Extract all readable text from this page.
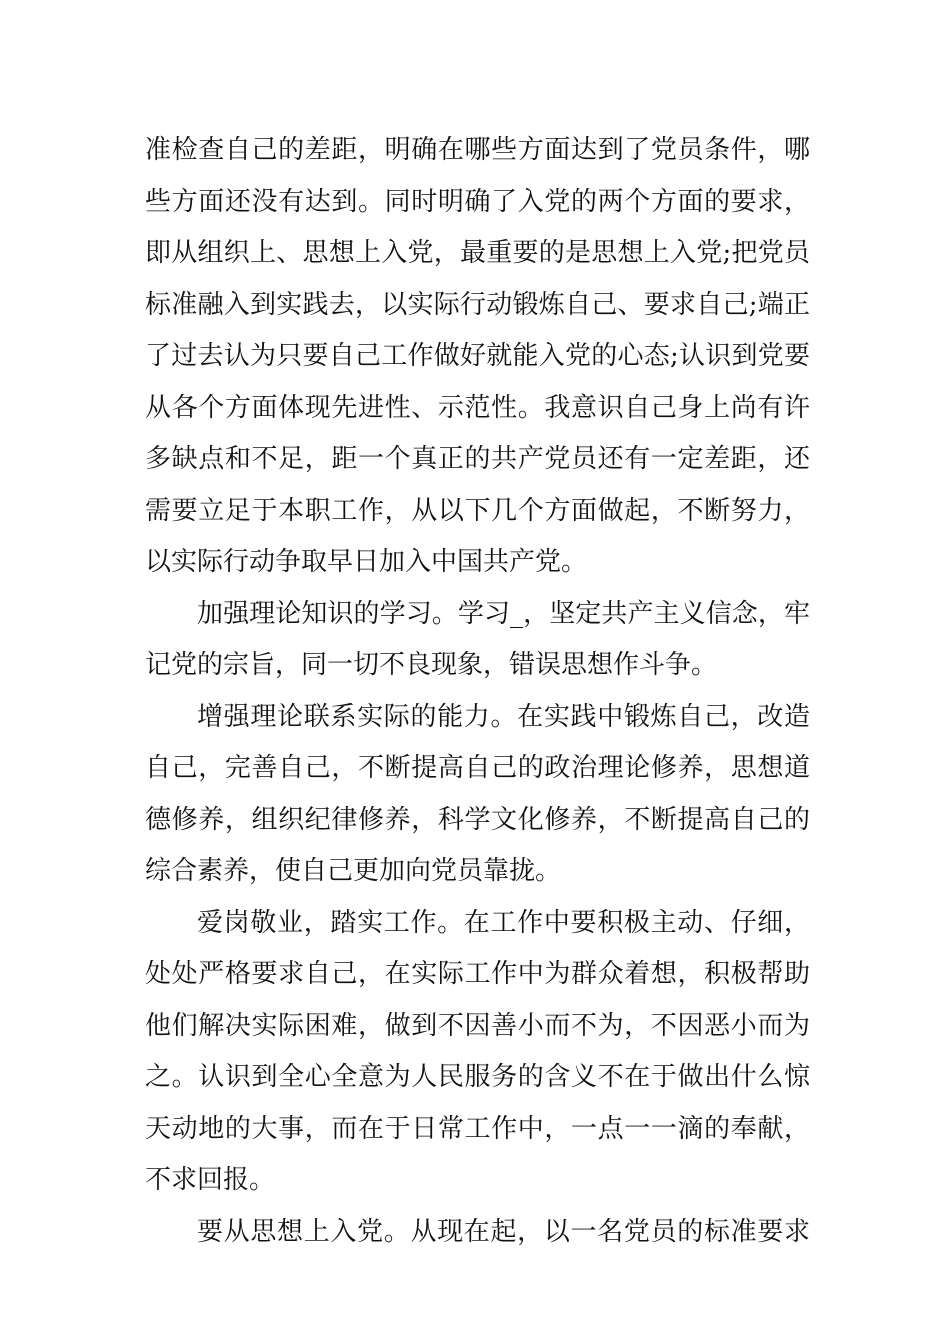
准检查自己的差距，明确在哪些方面达到了党员条件，哪
些方面还没有达到。同时明确了入党的两个方面的要求，
即从组织上、思想上入党，最重要的是思想上入党;把党员
标准融入到实践去，以实际行动锻炼自己、要求自己;端正
了过去认为只要自己工作做好就能入党的心态;认识到党要
从各个方面体现先进性、示范性。我意识自己身上尚有许
多缺点和不足，距一个真正的共产党员还有一定差距，还
需要立足于本职工作，从以下几个方面做起，不断努力，
以实际行动争取早日加入中国共产党。
加强理论知识的学习。学习_，坚定共产主义信念，牢
记党的宗旨，同一切不良现象，错误思想作斗争。
增强理论联系实际的能力。在实践中锻炼自己，改造
自己，完善自己，不断提高自己的政治理论修养，思想道
德修养，组织纪律修养，科学文化修养，不断提高自己的
综合素养，使自己更加向党员靠拢。
爱岗敬业，踏实工作。在工作中要积极主动、仔细，
处处严格要求自己，在实际工作中为群众着想，积极帮助
他们解决实际困难，做到不因善小而不为，不因恶小而为
之。认识到全心全意为人民服务的含义不在于做出什么惊
天动地的大事，而在于日常工作中，一点一一滴的奉献，
不求回报。
要从思想上入党。从现在起，以一名党员的标准要求
